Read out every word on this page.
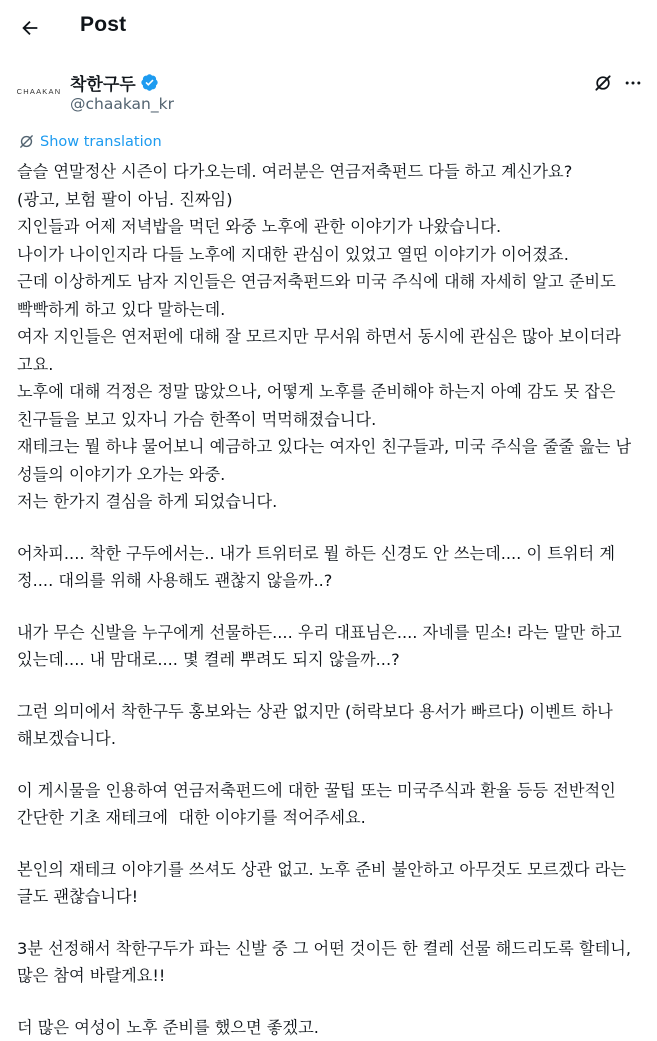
Post
CHAAKAN 착한구두
@chaakan_kr
Show translation
슬슬 연말정산 시즌이 다가오는데. 여러분은 연금저축펀드 다들 하고 계신가요?
(광고, 보험 팔이 아님. 진짜임)
지인들과 어제 저녁밥을 먹던 와중 노후에 관한 이야기가 나왔습니다.
나이가 나이인지라 다들 노후에 지대한 관심이 있었고 열띤 이야기가 이어졌죠.
근데 이상하게도 남자 지인들은 연금저축펀드와 미국 주식에 대해 자세히 알고 준비도
빡빡하게 하고 있다 말하는데.
여자 지인들은 연저펀에 대해 잘 모르지만 무서워 하면서 동시에 관심은 많아 보이더라
고요.
노후에 대해 걱정은 정말 많았으나, 어떻게 노후를 준비해야 하는지 아예 감도 못 잡은
친구들을 보고 있자니 가슴 한쪽이 먹먹해졌습니다.
재테크는 뭘 하냐 물어보니 예금하고 있다는 여자인 친구들과, 미국 주식을 줄줄 읊는 남
성들의 이야기가 오가는 와중.
저는 한가지 결심을 하게 되었습니다.
어차피.... 착한 구두에서는.. 내가 트위터로 뭘 하든 신경도 안 쓰는데.... 이 트위터 계
정.... 대의를 위해 사용해도 괜찮지 않을까..?
내가 무슨 신발을 누구에게 선물하든.... 우리 대표님은.... 자네를 믿소! 라는 말만 하고
있는데.... 내 맘대로.... 몇 켤레 뿌려도 되지 않을까...?
그런 의미에서 착한구두 홍보와는 상관 없지만 (허락보다 용서가 빠르다) 이벤트 하나
해보겠습니다.
이 게시물을 인용하여 연금저축펀드에 대한 꿀팁 또는 미국주식과 환율 등등 전반적인
간단한 기초 재테크에  대한 이야기를 적어주세요.
본인의 재테크 이야기를 쓰셔도 상관 없고. 노후 준비 불안하고 아무것도 모르겠다 라는
글도 괜찮습니다!
3분 선정해서 착한구두가 파는 신발 중 그 어떤 것이든 한 켤레 선물 해드리도록 할테니,
많은 참여 바랄게요!!
더 많은 여성이 노후 준비를 했으면 좋겠고.
